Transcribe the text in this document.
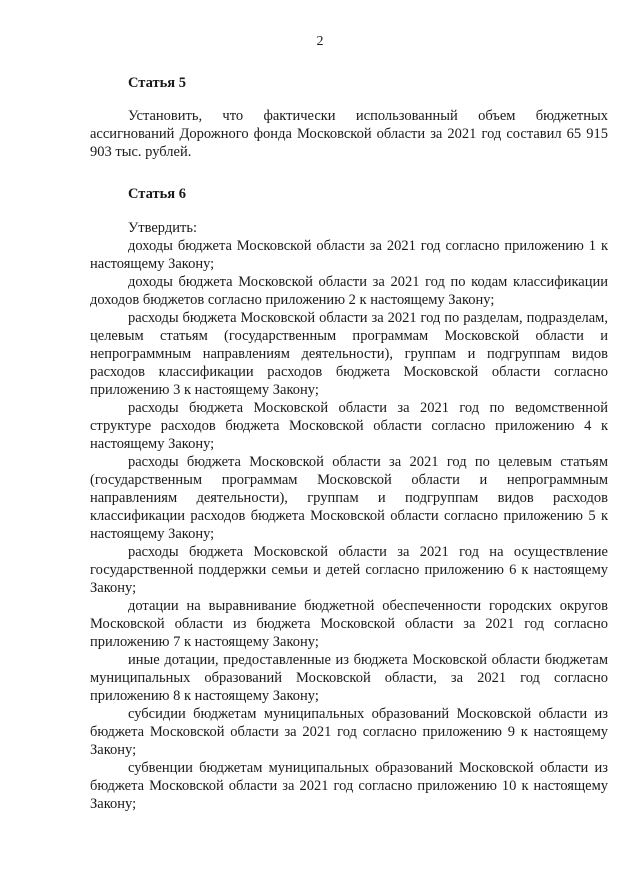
2

Статья 5

Установить, что фактически использованный объем бюджетных ассигнований Дорожного фонда Московской области за 2021 год составил 65 915 903 тыс. рублей.

Статья 6

Утвердить:

доходы бюджета Московской области за 2021 год согласно приложению 1 к настоящему Закону;

доходы бюджета Московской области за 2021 год по кодам классификации доходов бюджетов согласно приложению 2 к настоящему Закону;

расходы бюджета Московской области за 2021 год по разделам, подразделам, целевым статьям (государственным программам Московской области и непрограммным направлениям деятельности), группам и подгруппам видов расходов классификации расходов бюджета Московской области согласно приложению 3 к настоящему Закону;

расходы бюджета Московской области за 2021 год по ведомственной структуре расходов бюджета Московской области согласно приложению 4 к настоящему Закону;

расходы бюджета Московской области за 2021 год по целевым статьям (государственным программам Московской области и непрограммным направлениям деятельности), группам и подгруппам видов расходов классификации расходов бюджета Московской области согласно приложению 5 к настоящему Закону;

расходы бюджета Московской области за 2021 год на осуществление государственной поддержки семьи и детей согласно приложению 6 к настоящему Закону;

дотации на выравнивание бюджетной обеспеченности городских округов Московской области из бюджета Московской области за 2021 год согласно приложению 7 к настоящему Закону;

иные дотации, предоставленные из бюджета Московской области бюджетам муниципальных образований Московской области, за 2021 год согласно приложению 8 к настоящему Закону;

субсидии бюджетам муниципальных образований Московской области из бюджета Московской области за 2021 год согласно приложению 9 к настоящему Закону;

субвенции бюджетам муниципальных образований Московской области из бюджета Московской области за 2021 год согласно приложению 10 к настоящему Закону;
